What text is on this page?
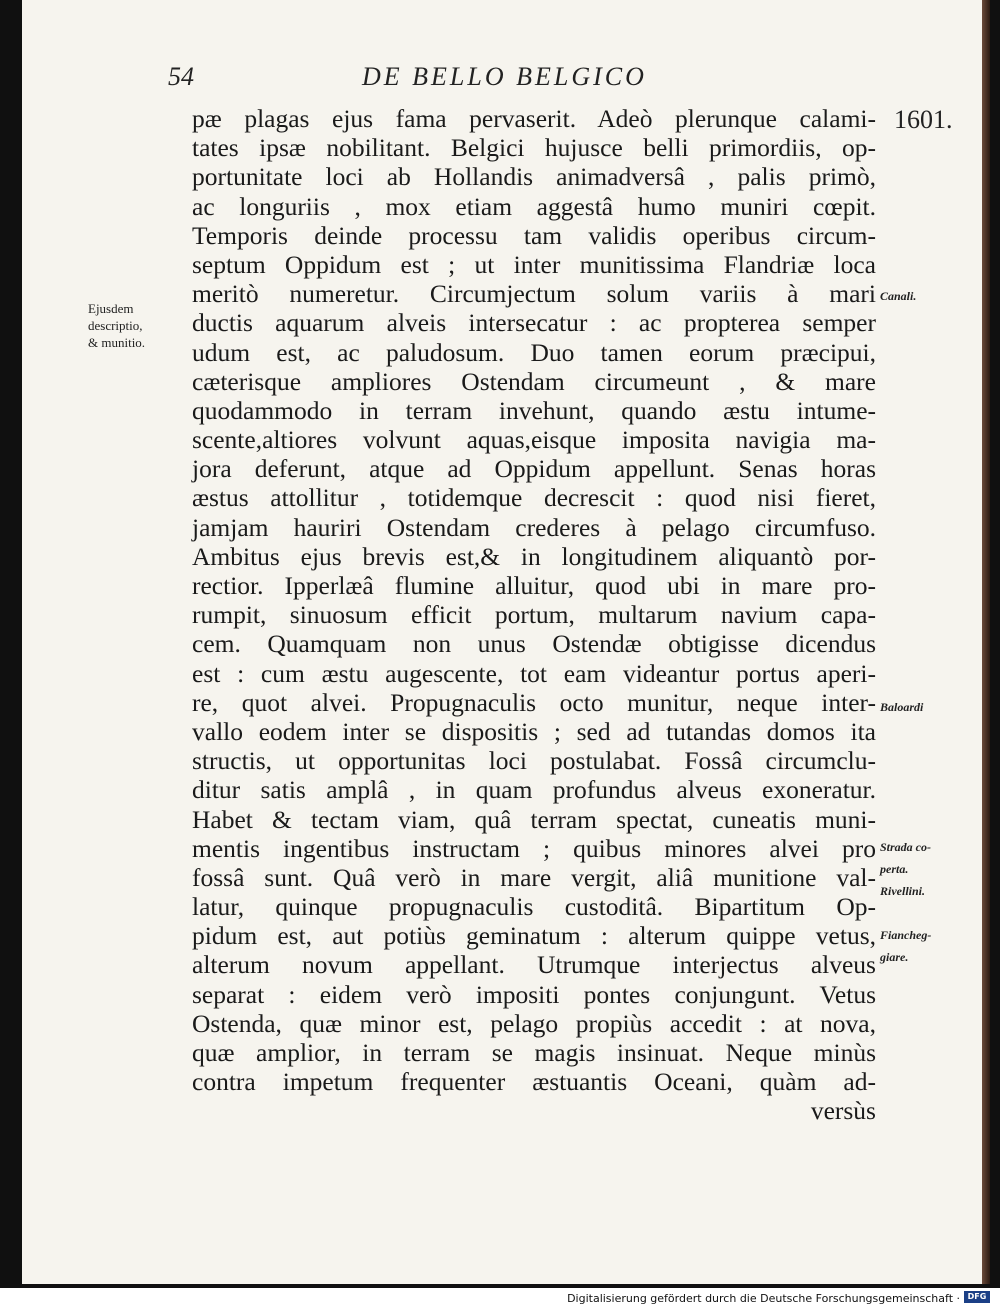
54	DE BELLO BELGICO
1601.
pæ plagas ejus fama pervaserit. Adeò plerunque calami-
tates ipsæ nobilitant. Belgici hujusce belli primordiis, op-
portunitate loci ab Hollandis animadversâ , palis primò,
ac longuriis , mox etiam aggestâ humo muniri cœpit.
Temporis deinde processu tam validis operibus circum-
septum Oppidum est ; ut inter munitissima Flandriæ loca
meritò numeretur. Circumjectum solum variis à mari
ductis aquarum alveis intersecatur : ac propterea semper
udum est, ac paludosum. Duo tamen eorum præcipui,
cæterisque ampliores Ostendam circumeunt , & mare
quodammodo in terram invehunt, quando æstu intume-
scente,altiores volvunt aquas,eisque imposita navigia ma-
jora deferunt, atque ad Oppidum appellunt. Senas horas
æstus attollitur , totidemque decrescit : quod nisi fieret,
jamjam hauriri Ostendam crederes à pelago circumfuso.
Ambitus ejus brevis est,& in longitudinem aliquantò por-
rectior. Ipperlæâ flumine alluitur, quod ubi in mare pro-
rumpit, sinuosum efficit portum, multarum navium capa-
cem. Quamquam non unus Ostendæ obtigisse dicendus
est : cum æstu augescente, tot eam videantur portus aperi-
re, quot alvei. Propugnaculis octo munitur, neque inter-
vallo eodem inter se dispositis ; sed ad tutandas domos ita
structis, ut opportunitas loci postulabat. Fossâ circumclu-
ditur satis amplâ , in quam profundus alveus exoneratur.
Habet & tectam viam, quâ terram spectat, cuneatis muni-
mentis ingentibus instructam ; quibus minores alvei pro
fossâ sunt. Quâ verò in mare vergit, aliâ munitione val-
latur, quinque propugnaculis custoditâ. Bipartitum Op-
pidum est, aut potiùs geminatum : alterum quippe vetus,
alterum novum appellant. Utrumque interjectus alveus
separat : eidem verò impositi pontes conjungunt. Vetus
Ostenda, quæ minor est, pelago propiùs accedit : at nova,
quæ amplior, in terram se magis insinuat. Neque minùs
contra impetum frequenter æstuantis Oceani, quàm ad-
versùs
Ejusdem
descriptio,
& munitio.
Canali.
Baloardi
Strada co-
perta.
Rivellini.
Fiancheg-
giare.
Digitalisierung gefördert durch die Deutsche Forschungsgemeinschaft · DFG
